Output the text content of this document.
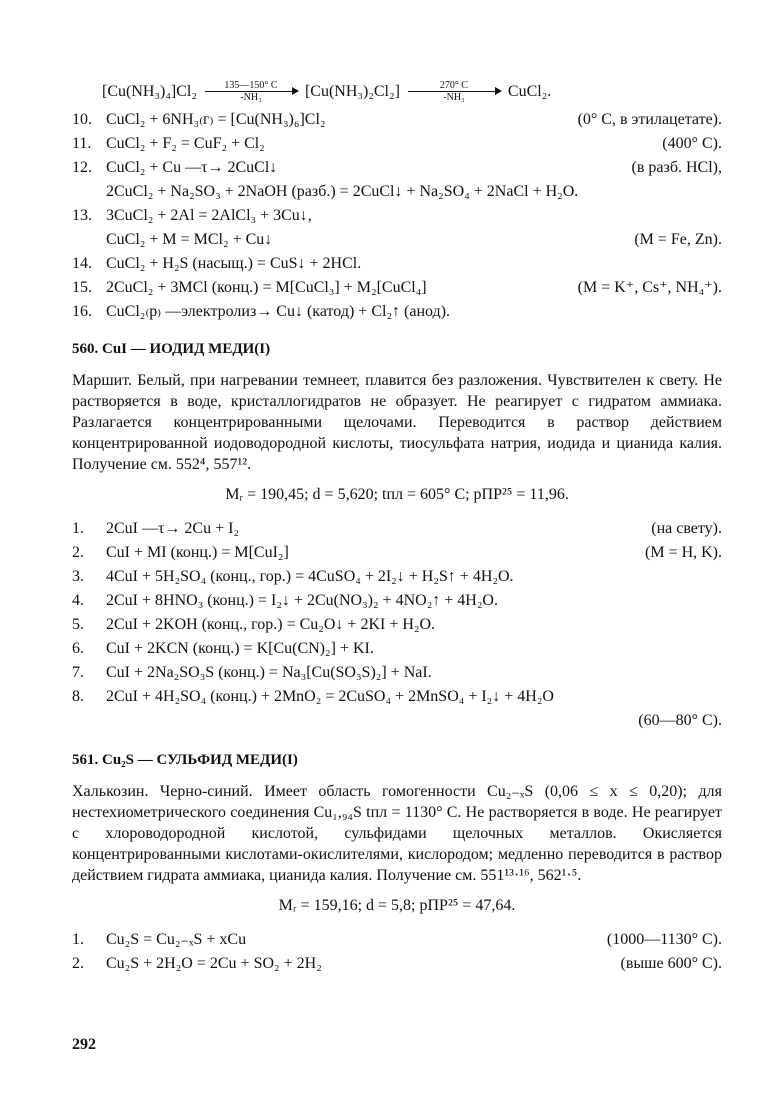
$[Cu(NH_3)_4]Cl_2 \frac{135—150^\circ C}{\text{-NH₃}} [Cu(NH_3)_2Cl_2] \frac{270^\circ C}{\text{-NH₃}}$ CuCl₂.
10. CuCl₂ + 6NH₃₍г₎ = [Cu(NH₃)₆]Cl₂	(0° C, в этилацетате).
11. CuCl₂ + F₂ = CuF₂ + Cl₂	(400° C).
12. CuCl₂ + Cu —τ→ 2CuCl↓	(в разб. HCl),
2CuCl₂ + Na₂SO₃ + 2NaOH (разб.) = 2CuCl↓ + Na₂SO₄ + 2NaCl + H₂O.
13. 3CuCl₂ + 2Al = 2AlCl₃ + 3Cu↓,
CuCl₂ + M = MCl₂ + Cu↓	(M = Fe, Zn).
14. CuCl₂ + H₂S (насыщ.) = CuS↓ + 2HCl.
15. 2CuCl₂ + 3MCl (конц.) = M[CuCl₃] + M₂[CuCl₄]	(M = K⁺, Cs⁺, NH₄⁺).
16. CuCl₂₍р₎ —электролиз→ Cu↓ (катод) + Cl₂↑ (анод).
560. CuI — ИОДИД МЕДИ(I)
Маршит. Белый, при нагревании темнеет, плавится без разложения. Чувствителен к свету. Не растворяется в воде, кристаллогидратов не образует. Не реагирует с гидратом аммиака. Разлагается концентрированными щелочами. Переводится в раствор действием концентрированной иодоводородной кислоты, тиосульфата натрия, иодида и цианида калия. Получение см. 552⁴, 557¹².
Mᵣ = 190,45; d = 5,620; tпл = 605° C; рПР²⁵ = 11,96.
1.	2CuI —τ→ 2Cu + I₂	(на свету).
2.	CuI + MI (конц.) = M[CuI₂]	(M = H, K).
3.	4CuI + 5H₂SO₄ (конц., гор.) = 4CuSO₄ + 2I₂↓ + H₂S↑ + 4H₂O.
4.	2CuI + 8HNO₃ (конц.) = I₂↓ + 2Cu(NO₃)₂ + 4NO₂↑ + 4H₂O.
5.	2CuI + 2KOH (конц., гор.) = Cu₂O↓ + 2KI + H₂O.
6.	CuI + 2KCN (конц.) = K[Cu(CN)₂] + KI.
7.	CuI + 2Na₂SO₃S (конц.) = Na₃[Cu(SO₃S)₂] + NaI.
8.	2CuI + 4H₂SO₄ (конц.) + 2MnO₂ = 2CuSO₄ + 2MnSO₄ + I₂↓ + 4H₂O
(60—80° C).
561. Cu₂S — СУЛЬФИД МЕДИ(I)
Халькозин. Черно-синий. Имеет область гомогенности Cu₂₋ₓS (0,06 ≤ x ≤ 0,20); для нестехиометрического соединения Cu₁,₉₄S tпл = 1130° C. Не растворяется в воде. Не реагирует с хлороводородной кислотой, сульфидами щелочных металлов. Окисляется концентрированными кислотами-окислителями, кислородом; медленно переводится в раствор действием гидрата аммиака, цианида калия. Получение см. 551¹³·¹⁶, 562¹·⁵.
Mᵣ = 159,16; d = 5,8; рПР²⁵ = 47,64.
1.	Cu₂S = Cu₂₋ₓS + xCu	(1000—1130° C).
2.	Cu₂S + 2H₂O = 2Cu + SO₂ + 2H₂	(выше 600° C).
292
